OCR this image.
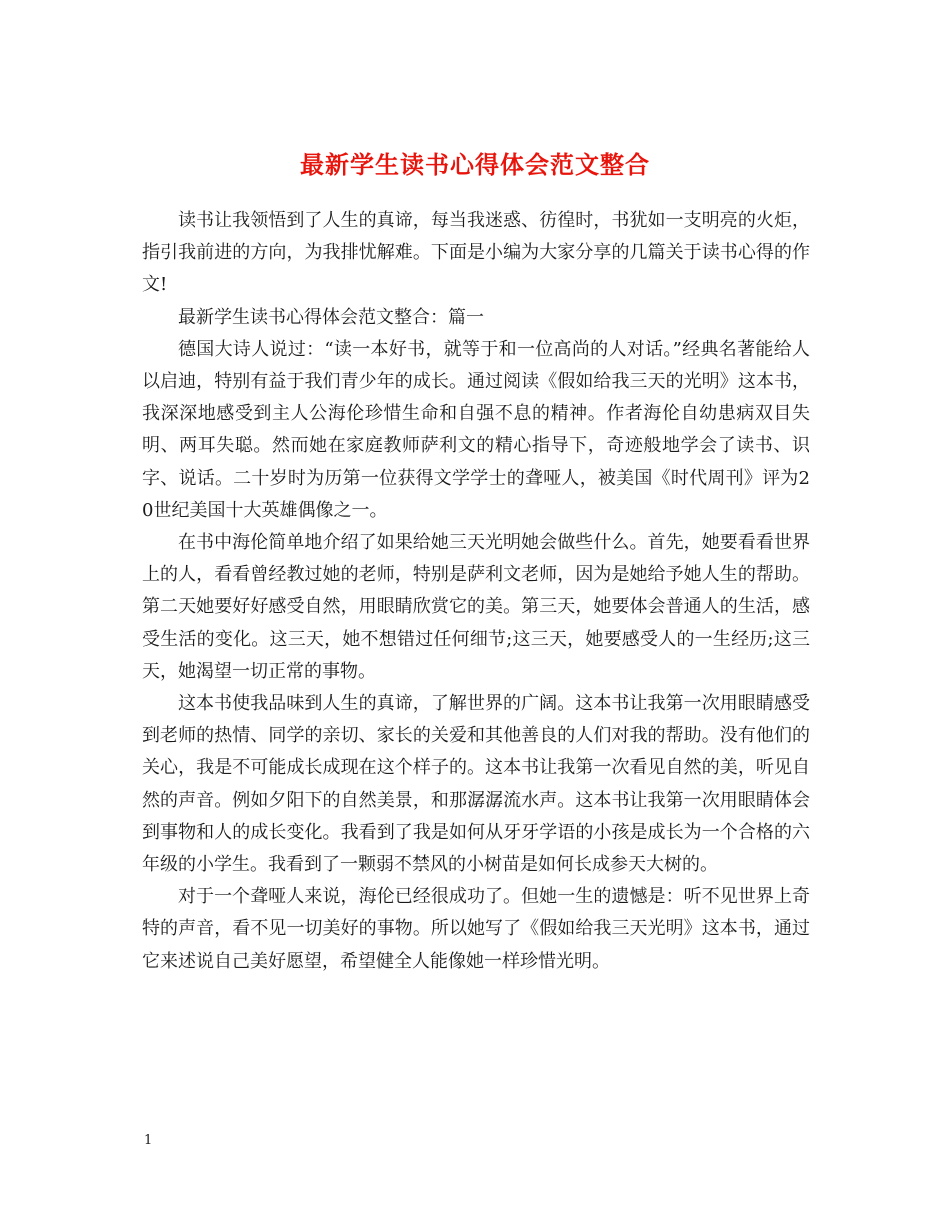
最新学生读书心得体会范文整合

读书让我领悟到了人生的真谛，每当我迷惑、彷徨时，书犹如一支明亮的火炬，指引我前进的方向，为我排忧解难。下面是小编为大家分享的几篇关于读书心得的作文!

最新学生读书心得体会范文整合：篇一

德国大诗人说过：“读一本好书，就等于和一位高尚的人对话。”经典名著能给人以启迪，特别有益于我们青少年的成长。通过阅读《假如给我三天的光明》这本书，我深深地感受到主人公海伦珍惜生命和自强不息的精神。作者海伦自幼患病双目失明、两耳失聪。然而她在家庭教师萨利文的精心指导下，奇迹般地学会了读书、识字、说话。二十岁时为历第一位获得文学学士的聋哑人，被美国《时代周刊》评为20世纪美国十大英雄偶像之一。

在书中海伦简单地介绍了如果给她三天光明她会做些什么。首先，她要看看世界上的人，看看曾经教过她的老师，特别是萨利文老师，因为是她给予她人生的帮助。第二天她要好好感受自然，用眼睛欣赏它的美。第三天，她要体会普通人的生活，感受生活的变化。这三天，她不想错过任何细节;这三天，她要感受人的一生经历;这三天，她渴望一切正常的事物。

这本书使我品味到人生的真谛，了解世界的广阔。这本书让我第一次用眼睛感受到老师的热情、同学的亲切、家长的关爱和其他善良的人们对我的帮助。没有他们的关心，我是不可能成长成现在这个样子的。这本书让我第一次看见自然的美，听见自然的声音。例如夕阳下的自然美景，和那潺潺流水声。这本书让我第一次用眼睛体会到事物和人的成长变化。我看到了我是如何从牙牙学语的小孩是成长为一个合格的六年级的小学生。我看到了一颗弱不禁风的小树苗是如何长成参天大树的。

对于一个聋哑人来说，海伦已经很成功了。但她一生的遗憾是：听不见世界上奇特的声音，看不见一切美好的事物。所以她写了《假如给我三天光明》这本书，通过它来述说自己美好愿望，希望健全人能像她一样珍惜光明。

1
